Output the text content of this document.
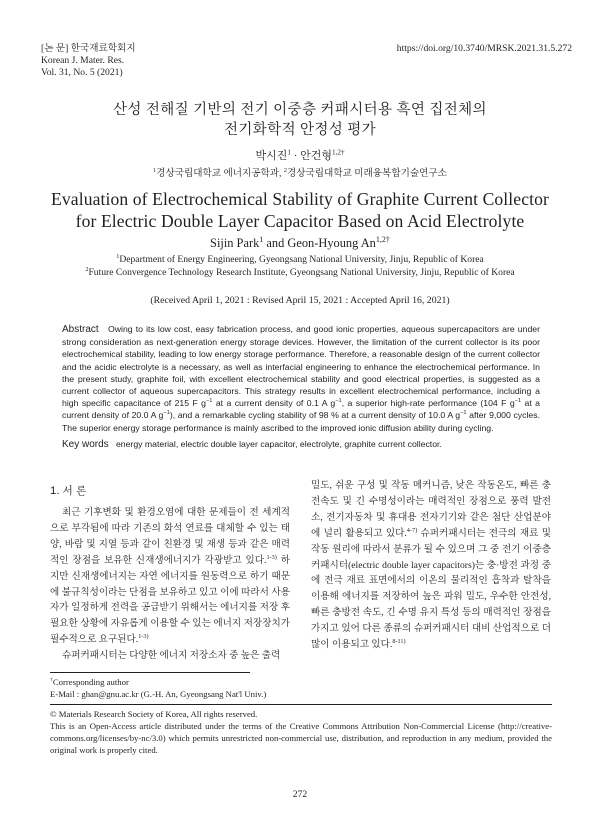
[논 문] 한국재료학회지
Korean J. Mater. Res.
Vol. 31, No. 5 (2021)
https://doi.org/10.3740/MRSK.2021.31.5.272
산성 전해질 기반의 전기 이중층 커패시터용 흑연 집전체의
전기화학적 안정성 평가
박시진$^1$ · 안건형$^{1,2\dagger}$
$^1$경상국립대학교 에너지공학과, $^2$경상국립대학교 미래융복합기술연구소
Evaluation of Electrochemical Stability of Graphite Current Collector
for Electric Double Layer Capacitor Based on Acid Electrolyte
Sijin Park$^1$ and Geon-Hyoung $An^{1,2\dagger}$
$^1$Department of Energy Engineering, Gyeongsang National University, Jinju, Republic of Korea
$^2$Future Convergence Technology Research Institute, Gyeongsang National University, Jinju, Republic of Korea
(Received April 1, 2021 : Revised April 15, 2021 : Accepted April 16, 2021)
Abstract Owing to its low cost, easy fabrication process, and good ionic properties, aqueous supercapacitors are under strong consideration as next-generation energy storage devices. However, the limitation of the current collector is its poor electrochemical stability, leading to low energy storage performance. Therefore, a reasonable design of the current collector and the acidic electrolyte is a necessary, as well as interfacial engineering to enhance the electrochemical performance. In the present study, graphite foil, with excellent electrochemical stability and good electrical properties, is suggested as a current collector of aqueous supercapacitors. This strategy results in excellent electrochemical performance, including a high specific capacitance of 215 F $g^{-1}$ at a current density of 0.1 A $g^{-1}$, a superior high-rate performance (104 F $g^{-1}$ at a current density of 20.0 A $g^{-1}$), and a remarkable cycling stability of 98 % at a current density of 10.0 A $g^{-1}$ after 9,000 cycles. The superior energy storage performance is mainly ascribed to the improved ionic diffusion ability during cycling.
Key words energy material, electric double layer capacitor, electrolyte, graphite current collector.
1. 서 론

최근 기후변화 및 환경오염에 대한 문제들이 전 세계적으로 부각됨에 따라 기존의 화석 연료를 대체할 수 있는 태양, 바람 및 지열 등과 같이 친환경 및 재생 등과 같은 매력적인 장점을 보유한 신재생에너지가 각광받고 있다.$^{1-3)}$ 하지만 신재생에너지는 자연 에너지를 원동력으로 하기 때문에 불규칙성이라는 단점을 보유하고 있고 이에 따라서 사용자가 일정하게 전력을 공급받기 위해서는 에너지를 저장 후 필요한 상황에 자유롭게 이용할 수 있는 에너지 저장장치가 필수적으로 요구된다.$^{1-3)}$

슈퍼커패시터는 다양한 에너지 저장소자 중 높은 출력

밀도, 쉬운 구성 및 작동 메커니즘, 낮은 작동온도, 빠른 충전속도 및 긴 수명성이라는 매력적인 장점으로 풍력 발전소, 전기자동차 및 휴대용 전자기기와 같은 첨단 산업분야에 널리 활용되고 있다.$^{4-7)}$ 슈퍼커패시터는 전극의 재료 및 작동 원리에 따라서 분류가 될 수 있으며 그 중 전기 이중층 커패시터(electric double layer capacitors)는 충·방전 과정 중에 전극 재료 표면에서의 이온의 물리적인 흡착과 탈착을 이용해 에너지를 저장하여 높은 파워 밀도, 우수한 안전성, 빠른 충방전 속도, 긴 수명 유지 특성 등의 매력적인 장점을 가지고 있어 다른 종류의 슈퍼커패시터 대비 산업적으로 더 많이 이용되고 있다.$^{8-11)}$

†Corresponding author
E-Mail : ghan@gnu.ac.kr (G.-H. An, Gyeongsang Nat'l Univ.)
© Materials Research Society of Korea, All rights reserved.
This is an Open-Access article distributed under the terms of the Creative Commons Attribution Non-Commercial License (http://creative-commons.org/licenses/by-nc/3.0) which permits unrestricted non-commercial use, distribution, and reproduction in any medium, provided the original work is properly cited.
272
